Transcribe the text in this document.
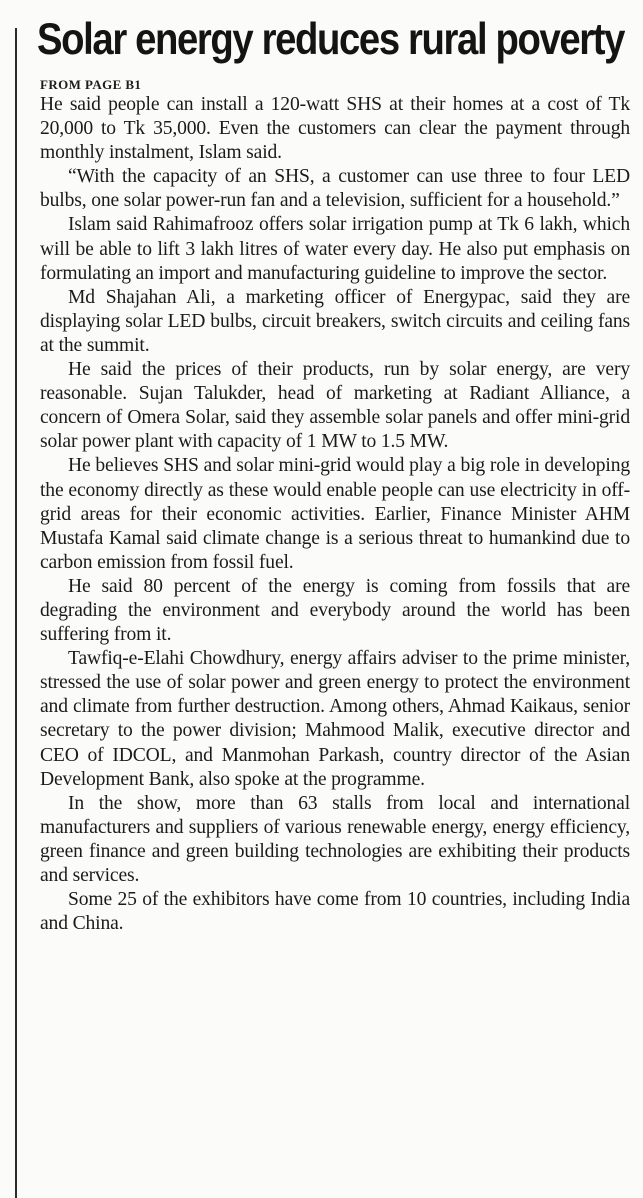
Solar energy reduces rural poverty
FROM PAGE B1

He said people can install a 120-watt SHS at their homes at a cost of Tk 20,000 to Tk 35,000. Even the customers can clear the payment through monthly instalment, Islam said.

“With the capacity of an SHS, a customer can use three to four LED bulbs, one solar power-run fan and a television, sufficient for a household.”

Islam said Rahimafrooz offers solar irrigation pump at Tk 6 lakh, which will be able to lift 3 lakh litres of water every day. He also put emphasis on formulating an import and manufacturing guideline to improve the sector.

Md Shajahan Ali, a marketing officer of Energypac, said they are displaying solar LED bulbs, circuit breakers, switch circuits and ceiling fans at the summit.

He said the prices of their products, run by solar energy, are very reasonable. Sujan Talukder, head of marketing at Radiant Alliance, a concern of Omera Solar, said they assemble solar panels and offer mini-grid solar power plant with capacity of 1 MW to 1.5 MW.

He believes SHS and solar mini-grid would play a big role in developing the economy directly as these would enable people can use electricity in off-grid areas for their economic activities. Earlier, Finance Minister AHM Mustafa Kamal said climate change is a serious threat to humankind due to carbon emission from fossil fuel.

He said 80 percent of the energy is coming from fossils that are degrading the environment and everybody around the world has been suffering from it.

Tawfiq-e-Elahi Chowdhury, energy affairs adviser to the prime minister, stressed the use of solar power and green energy to protect the environment and climate from further destruction. Among others, Ahmad Kaikaus, senior secretary to the power division; Mahmood Malik, executive director and CEO of IDCOL, and Manmohan Parkash, country director of the Asian Development Bank, also spoke at the programme.

In the show, more than 63 stalls from local and international manufacturers and suppliers of various renewable energy, energy efficiency, green finance and green building technologies are exhibiting their products and services.

Some 25 of the exhibitors have come from 10 countries, including India and China.
